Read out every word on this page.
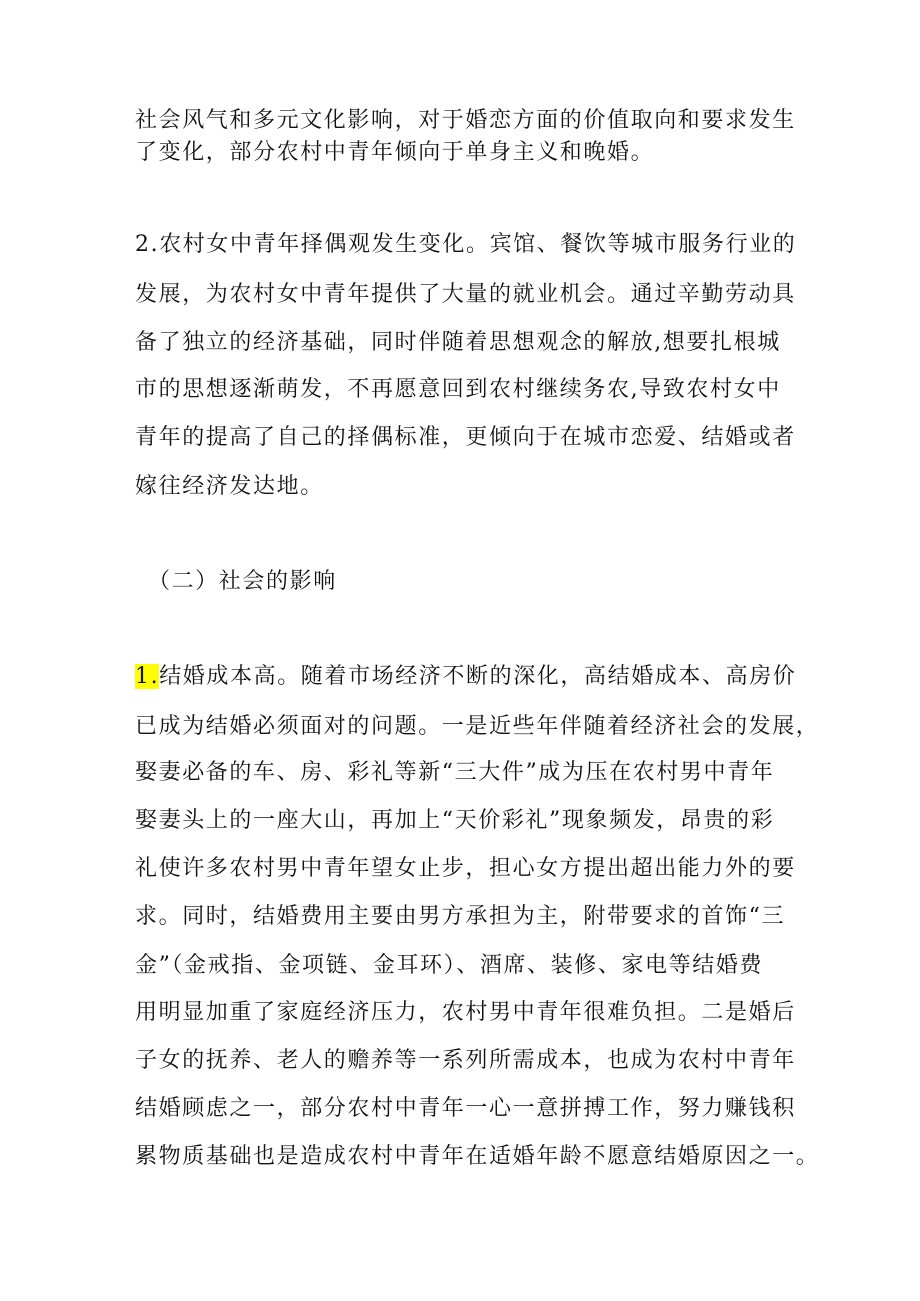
社会风气和多元文化影响，对于婚恋方面的价值取向和要求发生
了变化，部分农村中青年倾向于单身主义和晚婚。
2.农村女中青年择偶观发生变化。宾馆、餐饮等城市服务行业的
发展，为农村女中青年提供了大量的就业机会。通过辛勤劳动具
备了独立的经济基础，同时伴随着思想观念的解放,想要扎根城
市的思想逐渐萌发，不再愿意回到农村继续务农,导致农村女中
青年的提高了自己的择偶标准，更倾向于在城市恋爱、结婚或者
嫁往经济发达地。
（二）社会的影响
1.结婚成本高。随着市场经济不断的深化，高结婚成本、高房价
已成为结婚必须面对的问题。一是近些年伴随着经济社会的发展，
娶妻必备的车、房、彩礼等新“三大件”成为压在农村男中青年
娶妻头上的一座大山，再加上“天价彩礼”现象频发，昂贵的彩
礼使许多农村男中青年望女止步，担心女方提出超出能力外的要
求。同时，结婚费用主要由男方承担为主，附带要求的首饰“三
金”（金戒指、金项链、金耳环）、酒席、装修、家电等结婚费
用明显加重了家庭经济压力，农村男中青年很难负担。二是婚后
子女的抚养、老人的赡养等一系列所需成本，也成为农村中青年
结婚顾虑之一，部分农村中青年一心一意拼搏工作，努力赚钱积
累物质基础也是造成农村中青年在适婚年龄不愿意结婚原因之一。
